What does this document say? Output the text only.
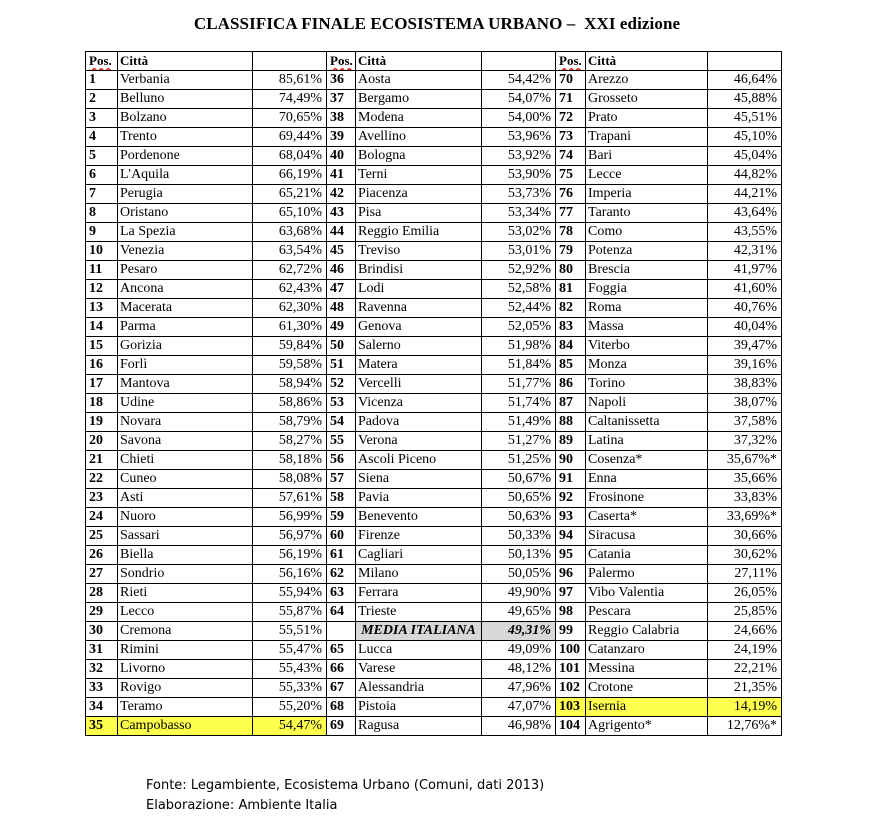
CLASSIFICA FINALE ECOSISTEMA URBANO –  XXI edizione
Pos.	Città		Pos.	Città		Pos.	Città	
1	Verbania	85,61%	36	Aosta	54,42%	70	Arezzo	46,64%
2	Belluno	74,49%	37	Bergamo	54,07%	71	Grosseto	45,88%
3	Bolzano	70,65%	38	Modena	54,00%	72	Prato	45,51%
4	Trento	69,44%	39	Avellino	53,96%	73	Trapani	45,10%
5	Pordenone	68,04%	40	Bologna	53,92%	74	Bari	45,04%
6	L'Aquila	66,19%	41	Terni	53,90%	75	Lecce	44,82%
7	Perugia	65,21%	42	Piacenza	53,73%	76	Imperia	44,21%
8	Oristano	65,10%	43	Pisa	53,34%	77	Taranto	43,64%
9	La Spezia	63,68%	44	Reggio Emilia	53,02%	78	Como	43,55%
10	Venezia	63,54%	45	Treviso	53,01%	79	Potenza	42,31%
11	Pesaro	62,72%	46	Brindisi	52,92%	80	Brescia	41,97%
12	Ancona	62,43%	47	Lodi	52,58%	81	Foggia	41,60%
13	Macerata	62,30%	48	Ravenna	52,44%	82	Roma	40,76%
14	Parma	61,30%	49	Genova	52,05%	83	Massa	40,04%
15	Gorizia	59,84%	50	Salerno	51,98%	84	Viterbo	39,47%
16	Forlì	59,58%	51	Matera	51,84%	85	Monza	39,16%
17	Mantova	58,94%	52	Vercelli	51,77%	86	Torino	38,83%
18	Udine	58,86%	53	Vicenza	51,74%	87	Napoli	38,07%
19	Novara	58,79%	54	Padova	51,49%	88	Caltanissetta	37,58%
20	Savona	58,27%	55	Verona	51,27%	89	Latina	37,32%
21	Chieti	58,18%	56	Ascoli Piceno	51,25%	90	Cosenza*	35,67%*
22	Cuneo	58,08%	57	Siena	50,67%	91	Enna	35,66%
23	Asti	57,61%	58	Pavia	50,65%	92	Frosinone	33,83%
24	Nuoro	56,99%	59	Benevento	50,63%	93	Caserta*	33,69%*
25	Sassari	56,97%	60	Firenze	50,33%	94	Siracusa	30,66%
26	Biella	56,19%	61	Cagliari	50,13%	95	Catania	30,62%
27	Sondrio	56,16%	62	Milano	50,05%	96	Palermo	27,11%
28	Rieti	55,94%	63	Ferrara	49,90%	97	Vibo Valentia	26,05%
29	Lecco	55,87%	64	Trieste	49,65%	98	Pescara	25,85%
30	Cremona	55,51%		MEDIA ITALIANA	49,31%	99	Reggio Calabria	24,66%
31	Rimini	55,47%	65	Lucca	49,09%	100	Catanzaro	24,19%
32	Livorno	55,43%	66	Varese	48,12%	101	Messina	22,21%
33	Rovigo	55,33%	67	Alessandria	47,96%	102	Crotone	21,35%
34	Teramo	55,20%	68	Pistoia	47,07%	103	Isernia	14,19%
35	Campobasso	54,47%	69	Ragusa	46,98%	104	Agrigento*	12,76%*
Fonte: Legambiente, Ecosistema Urbano (Comuni, dati 2013)
Elaborazione: Ambiente Italia
